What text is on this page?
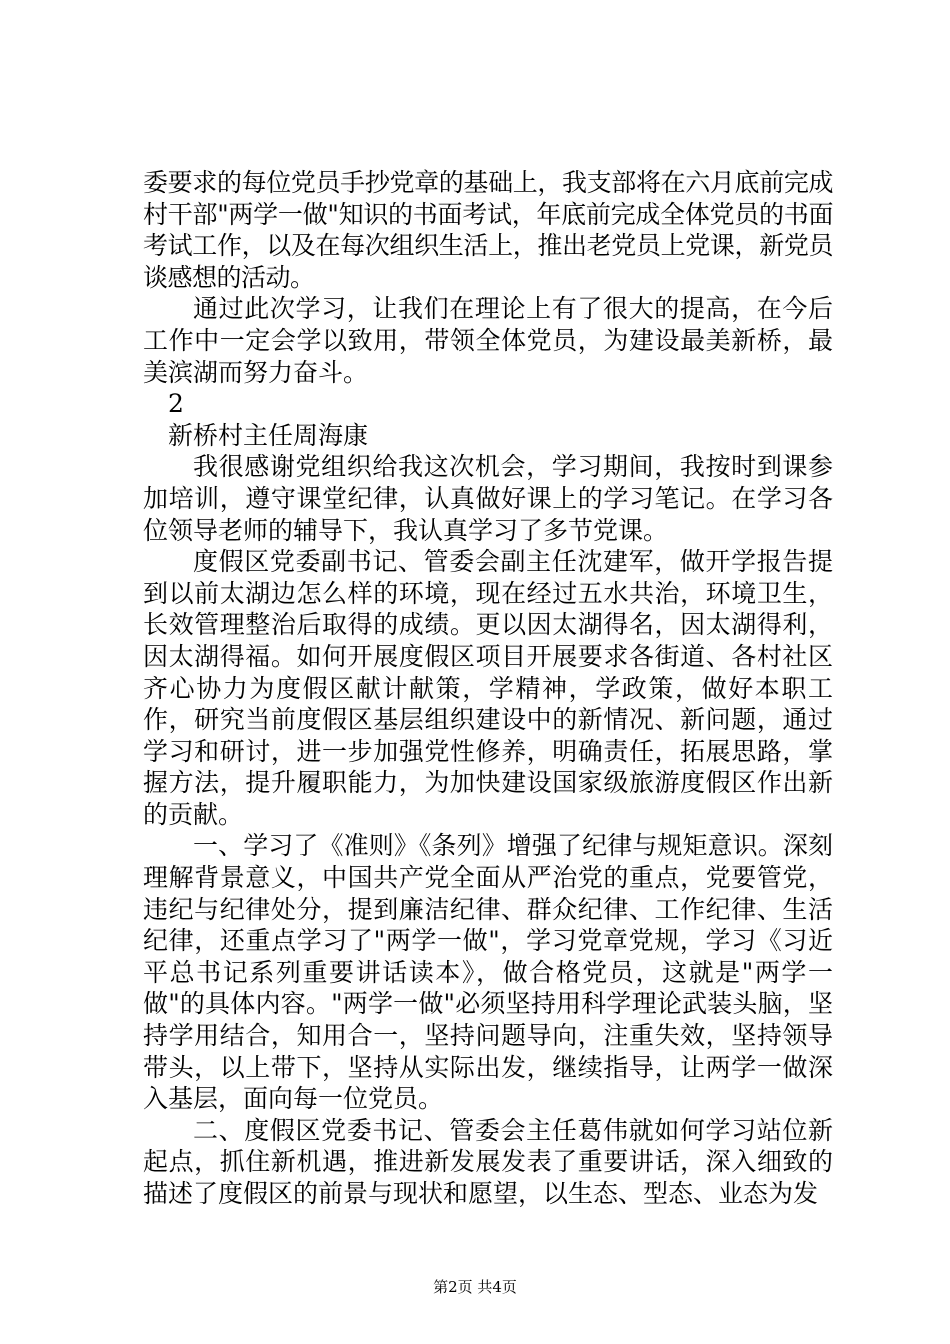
委要求的每位党员手抄党章的基础上，我支部将在六月底前完成村干部"两学一做"知识的书面考试，年底前完成全体党员的书面考试工作，以及在每次组织生活上，推出老党员上党课，新党员谈感想的活动。

通过此次学习，让我们在理论上有了很大的提高，在今后工作中一定会学以致用，带领全体党员，为建设最美新桥，最美滨湖而努力奋斗。

2

新桥村主任周海康

我很感谢党组织给我这次机会，学习期间，我按时到课参加培训，遵守课堂纪律，认真做好课上的学习笔记。在学习各位领导老师的辅导下，我认真学习了多节党课。

度假区党委副书记、管委会副主任沈建军，做开学报告提到以前太湖边怎么样的环境，现在经过五水共治，环境卫生，长效管理整治后取得的成绩。更以因太湖得名，因太湖得利，因太湖得福。如何开展度假区项目开展要求各街道、各村社区齐心协力为度假区献计献策，学精神，学政策，做好本职工作，研究当前度假区基层组织建设中的新情况、新问题，通过学习和研讨，进一步加强党性修养，明确责任，拓展思路，掌握方法，提升履职能力，为加快建设国家级旅游度假区作出新的贡献。

一、学习了《准则》《条列》增强了纪律与规矩意识。深刻理解背景意义，中国共产党全面从严治党的重点，党要管党，违纪与纪律处分，提到廉洁纪律、群众纪律、工作纪律、生活纪律，还重点学习了"两学一做"，学习党章党规，学习《习近平总书记系列重要讲话读本》，做合格党员，这就是"两学一做"的具体内容。"两学一做"必须坚持用科学理论武装头脑，坚持学用结合，知用合一，坚持问题导向，注重失效，坚持领导带头，以上带下，坚持从实际出发，继续指导，让两学一做深入基层，面向每一位党员。

二、度假区党委书记、管委会主任葛伟就如何学习站位新起点，抓住新机遇，推进新发展发表了重要讲话，深入细致的描述了度假区的前景与现状和愿望，以生态、型态、业态为发

第2页 共4页
